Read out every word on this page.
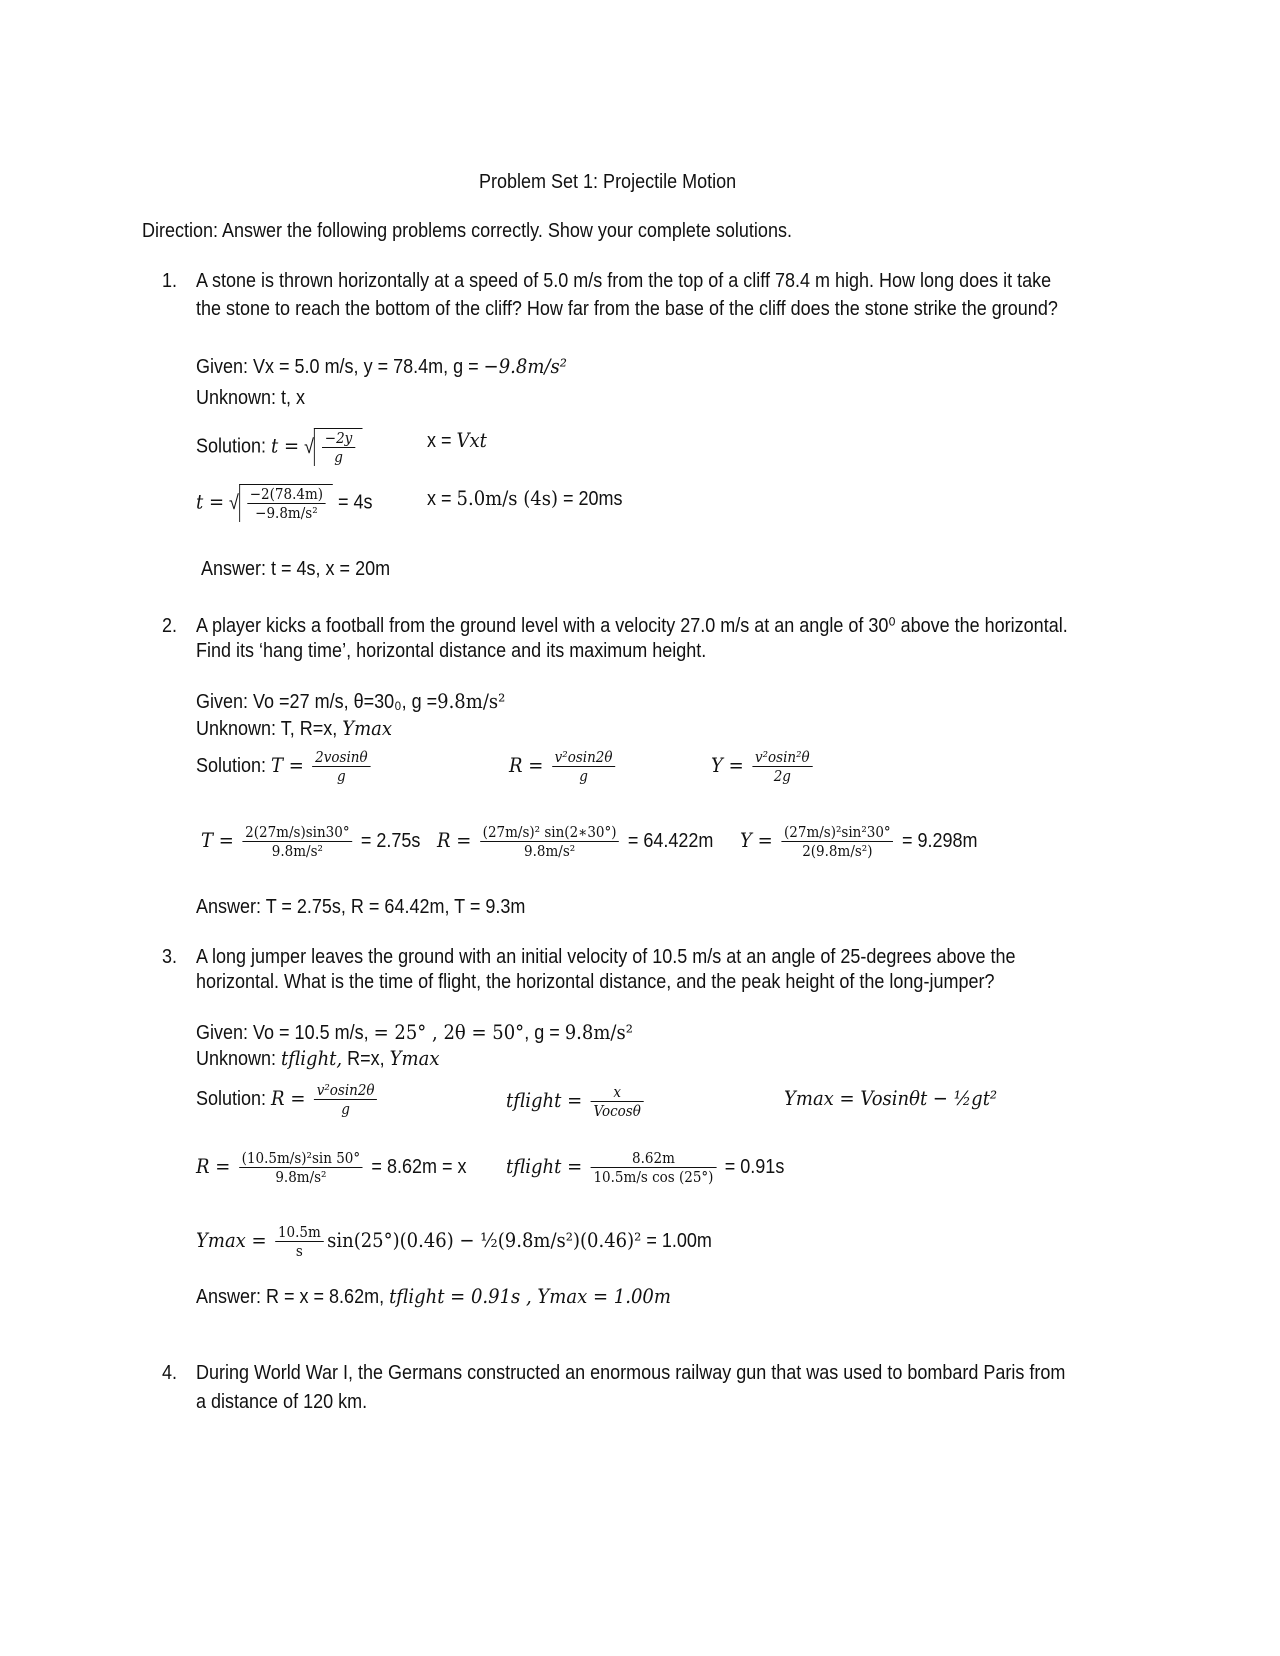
Problem Set 1: Projectile Motion
Direction: Answer the following problems correctly. Show your complete solutions.
1. A stone is thrown horizontally at a speed of 5.0 m/s from the top of a cliff 78.4 m high. How long does it take
the stone to reach the bottom of the cliff? How far from the base of the cliff does the stone strike the ground?
Given: Vx = 5.0 m/s, y = 78.4m, g = −9.8m/s²
Unknown: t, x
Solution: t = √ $\frac{-2y}{g}$	x = Vxt
t = √ $\frac{-2(78.4m)}{\text{−9.8m/s²}} = 4s$	x = 5.0m/s (4s) = 20ms
Answer: t = 4s, x = 20m
2. A player kicks a football from the ground level with a velocity 27.0 m/s at an angle of 30⁰ above the horizontal.
Find its ‘hang time’, horizontal distance and its maximum height.
Given: Vo =27 m/s, θ=30₀, g =9.8m/s²
Unknown: T, R=x, Ymax
Solution: $T = \frac{2vosin\theta}{g}$	$R = \frac{\text{v²osin2θ}}{g}$	$Y = \frac{\text{v²osin²θ}}{2g}$
$T = \frac{2(27m/s)\sin 30^\circ}{\text{9.8m/s²}} = 2.75s$ $R = \frac{\text{(27m/s)² sin(2∗30°)}}{\text{9.8m/s²}} = 64.422m$ $Y = \frac{\text{(27m/s)²sin²30°}}{\text{2(9.8m/s²)}} = 9.298m$
Answer: T = 2.75s, R = 64.42m, T = 9.3m
3. A long jumper leaves the ground with an initial velocity of 10.5 m/s at an angle of 25-degrees above the
horizontal. What is the time of flight, the horizontal distance, and the peak height of the long-jumper?
Given: Vo = 10.5 m/s, = 25° , 2θ = 50°, g = 9.8m/s²
Unknown: tflight, R=x, Ymax
Solution: $R = \frac{\text{v²osin2θ}}{g}$	tflight = $\frac{x}{Vocos\theta}$	Ymax = Vosinθt − ½gt²
$R = \frac{\text{(10.5m/s)²sin 50°}}{\text{9.8m/s²}} = 8.62m = x$ tflight = $\frac{8.62m}{\text{10.5m/s cos (25°)}} = 0.91s$
$Ymax = \frac{10.5m}{s} \sin(25^\circ)(0.46)$ − ½(9.8m/s²)(0.46)² = 1.00m
Answer: R = x = 8.62m, tflight = 0.91s , Ymax = 1.00m
4. During World War I, the Germans constructed an enormous railway gun that was used to bombard Paris from
a distance of 120 km.
